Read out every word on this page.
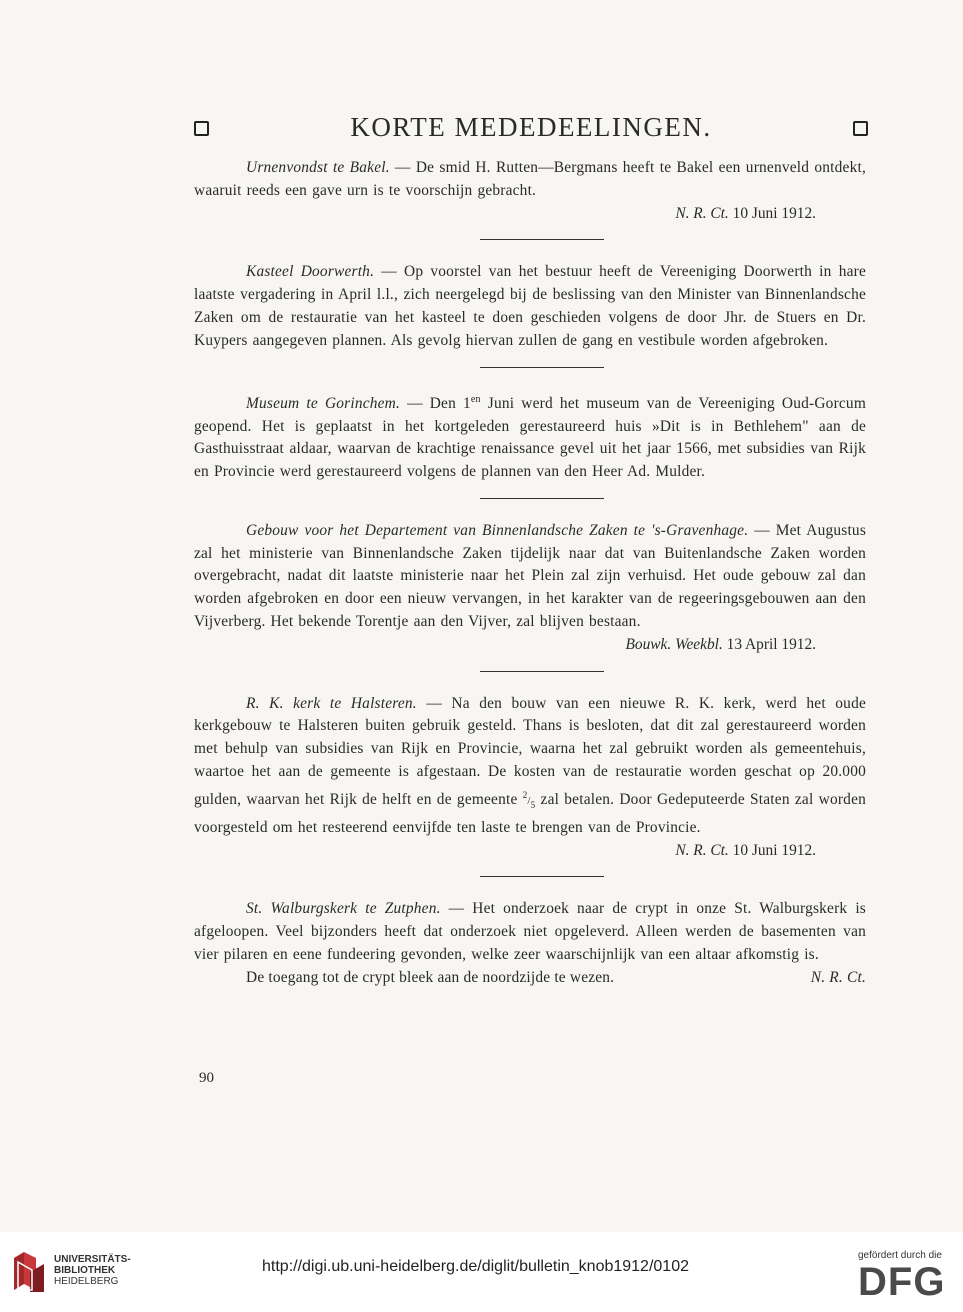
KORTE MEDEDEELINGEN.

Urnenvondst te Bakel. — De smid H. Rutten—Bergmans heeft te Bakel een urnenveld ontdekt, waaruit reeds een gave urn is te voorschijn gebracht.

N. R. Ct. 10 Juni 1912.

Kasteel Doorwerth. — Op voorstel van het bestuur heeft de Vereeniging Doorwerth in hare laatste vergadering in April l.l., zich neergelegd bij de beslissing van den Minister van Binnenlandsche Zaken om de restauratie van het kasteel te doen geschieden volgens de door Jhr. de Stuers en Dr. Kuypers aangegeven plannen. Als gevolg hiervan zullen de gang en vestibule worden afgebroken.

Museum te Gorinchem. — Den $1^{en}$ Juni werd het museum van de Vereeniging Oud-Gorcum geopend. Het is geplaatst in het kortgeleden gerestaureerd huis »Dit is in Bethlehem" aan de Gasthuisstraat aldaar, waarvan de krachtige renaissance gevel uit het jaar 1566, met subsidies van Rijk en Provincie werd gerestaureerd volgens de plannen van den Heer Ad. Mulder.

Gebouw voor het Departement van Binnenlandsche Zaken te 's-Gravenhage. — Met Augustus zal het ministerie van Binnenlandsche Zaken tijdelijk naar dat van Buitenlandsche Zaken worden overgebracht, nadat dit laatste ministerie naar het Plein zal zijn verhuisd. Het oude gebouw zal dan worden afgebroken en door een nieuw vervangen, in het karakter van de regeeringsgebouwen aan den Vijverberg. Het bekende Torentje aan den Vijver, zal blijven bestaan.

Bouwk. Weekbl. 13 April 1912.

R. K. kerk te Halsteren. — Na den bouw van een nieuwe R. K. kerk, werd het oude kerkgebouw te Halsteren buiten gebruik gesteld. Thans is besloten, dat dit zal gerestaureerd worden met behulp van subsidies van Rijk en Provincie, waarna het zal gebruikt worden als gemeentehuis, waartoe het aan de gemeente is afgestaan. De kosten van de restauratie worden geschat op 20.000 gulden, waarvan het Rijk de helft en de gemeente $^2/_5$ zal betalen. Door Gedeputeerde Staten zal worden voorgesteld om het resteerend eenvijfde ten laste te brengen van de Provincie.

N. R. Ct. 10 Juni 1912.

St. Walburgskerk te Zutphen. — Het onderzoek naar de crypt in onze St. Walburgskerk is afgeloopen. Veel bijzonders heeft dat onderzoek niet opgeleverd. Alleen werden de basementen van vier pilaren en eene fundeering gevonden, welke zeer waarschijnlijk van een altaar afkomstig is.

De toegang tot de crypt bleek aan de noordzijde te wezen.	N. R. Ct.
90
UNIVERSITÄTS-
BIBLIOTHEK
HEIDELBERG
http://digi.ub.uni-heidelberg.de/diglit/bulletin_knob1912/0102
gefördert durch die
DFG
